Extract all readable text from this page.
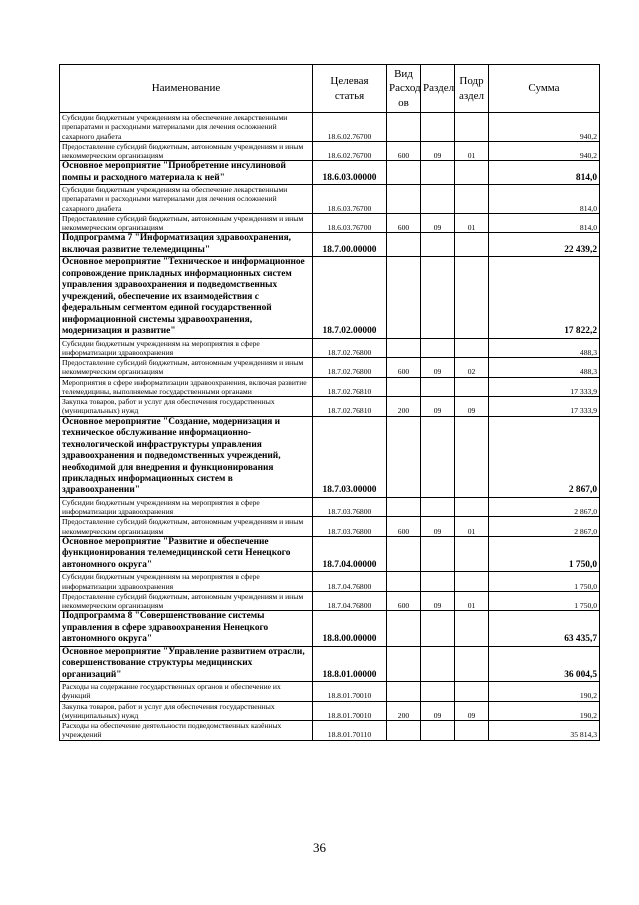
Наименование	Целевая статья	Вид Расход ов	Раздел	Подр аздел	Сумма
Субсидии бюджетным учреждениям на обеспечение лекарственными препаратами и расходными материалами для лечения осложнений сахарного диабета	18.6.02.76700				940,2
Предоставление субсидий бюджетным, автономным учреждениям и иным некоммерческим организациям	18.6.02.76700	600	09	01	940,2
Основное мероприятие "Приобретение инсулиновой помпы и расходного материала к ней"	18.6.03.00000				814,0
Субсидии бюджетным учреждениям на обеспечение лекарственными препаратами и расходными материалами для лечения осложнений сахарного диабета	18.6.03.76700				814,0
Предоставление субсидий бюджетным, автономным учреждениям и иным некоммерческим организациям	18.6.03.76700	600	09	01	814,0
Подпрограмма 7 "Информатизация здравоохранения, включая развитие телемедицины"	18.7.00.00000				22 439,2
Основное мероприятие "Техническое и информационное сопровождение прикладных информационных систем управления здравоохранения и подведомственных учреждений, обеспечение их взаимодействия с федеральным сегментом единой государственной информационной системы здравоохранения, модернизация и развитие"	18.7.02.00000				17 822,2
Субсидии бюджетным учреждениям на мероприятия в сфере информатизации здравоохранения	18.7.02.76800				488,3
Предоставление субсидий бюджетным, автономным учреждениям и иным некоммерческим организациям	18.7.02.76800	600	09	02	488,3
Мероприятия в сфере информатизации здравоохранения, включая развитие телемедицины, выполняемые государственными органами	18.7.02.76810				17 333,9
Закупка товаров, работ и услуг для обеспечения государственных (муниципальных) нужд	18.7.02.76810	200	09	09	17 333,9
Основное мероприятие "Создание, модернизация и техническое обслуживание информационно-технологической инфраструктуры управления здравоохранения и подведомственных учреждений, необходимой для внедрения и функционирования прикладных информационных систем в здравоохранении"	18.7.03.00000				2 867,0
Субсидии бюджетным учреждениям на мероприятия в сфере информатизации здравоохранения	18.7.03.76800				2 867,0
Предоставление субсидий бюджетным, автономным учреждениям и иным некоммерческим организациям	18.7.03.76800	600	09	01	2 867,0
Основное мероприятие "Развитие и обеспечение функционирования телемедицинской сети Ненецкого автономного округа"	18.7.04.00000				1 750,0
Субсидии бюджетным учреждениям на мероприятия в сфере информатизации здравоохранения	18.7.04.76800				1 750,0
Предоставление субсидий бюджетным, автономным учреждениям и иным некоммерческим организациям	18.7.04.76800	600	09	01	1 750,0
Подпрограмма 8 "Совершенствование системы управления в сфере здравоохранения Ненецкого автономного округа"	18.8.00.00000				63 435,7
Основное мероприятие "Управление развитием отрасли, совершенствование структуры медицинских организаций"	18.8.01.00000				36 004,5
Расходы на содержание государственных органов и обеспечение их функций	18.8.01.70010				190,2
Закупка товаров, работ и услуг для обеспечения государственных (муниципальных) нужд	18.8.01.70010	200	09	09	190,2
Расходы на обеспечение деятельности подведомственных казённых учреждений	18.8.01.70110				35 814,3
36
